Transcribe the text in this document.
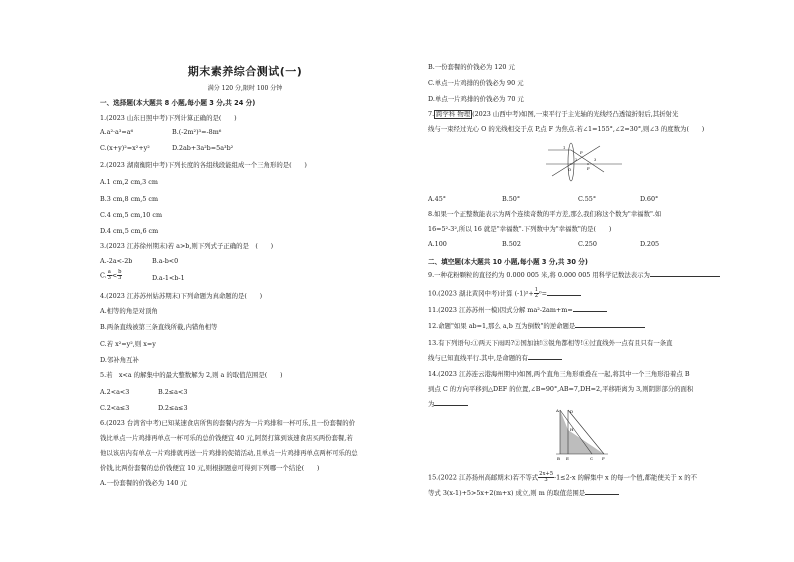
期末素养综合测试(一)
满分 120 分,限时 100 分钟
一、选择题(本大题共 8 小题,每小题 3 分,共 24 分)
1.(2023 山东日照中考)下列计算正确的是(　　)
A.a²·a³=a⁶	B.(-2m²)³=-8m⁶
C.(x+y)²=x²+y²	D.2ab+3a²b=5a³b²
2.(2023 湖南衡阳中考)下列长度的各组线段能组成一个三角形的是(　　)
A.1 cm,2 cm,3 cm
B.3 cm,8 cm,5 cm
C.4 cm,5 cm,10 cm
D.4 cm,5 cm,6 cm
3.(2023 江苏徐州期末)若 a>b,则下列式子正确的是　(　　)
A.-2a<-2b	B.a-b<0
C. $\frac{a}{3} < \frac{b}{3}$	D.a-1<b-1
4.(2023 江苏苏州姑苏期末)下列命题为真命题的是(　　)
A.相等的角是对顶角
B.两条直线被第三条直线所截,内错角相等
C.若 x²=y²,则 x=y
D.邻补角互补
5.若　x<a 的解集中的最大整数解为 2,则 a 的取值范围是(　　)
A.2<a<3	B.2≤a<3
C.2<a≤3	D.2≤a≤3
6.(2023 台湾省中考)已知某速食店所售的套餐内容为一片鸡排和一杯可乐,且一份套餐的价
钱比单点一片鸡排再单点一杯可乐的总价钱便宜 40 元,阿贤打算到该速食店买两份套餐,若
他以该店内有单点一片鸡排就再送一片鸡排的促销活动,且单点一片鸡排再单点两杯可乐的总
价钱,比两份套餐的总价钱便宜 10 元,则根据题意可得到下列哪一个结论(　　)
A.一份套餐的价钱必为 140 元
B.一份套餐的价钱必为 120 元
C.单点一片鸡排的价钱必为 90 元
D.单点一片鸡排的价钱必为 70 元
7. 跨学科 物理 (2023 山西中考)如图,一束平行于主光轴的光线经凸透镜折射后,其折射光
线与一束经过光心 O 的光线相交于点 P,点 F 为焦点.若∠1=155°,∠2=30°,则∠3 的度数为(　　)
O	F
P
1
2	3
A.45°	B.50°	C.55°	D.60°
8.如果一个正整数能表示为两个连续奇数的平方差,那么我们称这个数为"幸福数".如
16=5²-3²,所以 16 就是"幸福数".下列数中为"幸福数"的是(　　)
A.100	B.502	C.250	D.205
二、填空题(本大题共 10 小题,每小题 3 分,共 30 分)
9.一种花粉颗粒的直径约为 0.000 005 米,将 0.000 005 用科学记数法表示为
10.(2023 湖北黄冈中考)计算 $(-1)^2+ \frac{1}{2} ^0=$
11.(2023 江苏苏州一模)因式分解 ma²-2am+m=
12.命题"如果 ab=1,那么 a,b 互为倒数"的逆命题是
13.有下列语句:①两天下雨吗?②国加油!③锐角都相等!④过直线外一点有且只有一条直
线与已知直线平行.其中,是命题的有
14.(2023 江苏连云港海州期中)如图,两个直角三角形重叠在一起,将其中一个三角形沿着点 B
到点 C 的方向平移到△DEF 的位置,∠B=90°,AB=7,DH=2,平移距离为 3,则阴影部分的面积
为
A	D
H
B E	C F
15.(2022 江苏扬州高邮期末)若不等式 $\frac{2x+5}{3} -1\le 2-x$ 的解集中 x 的每一个值,都能使关于 x 的不
等式 3(x-1)+5>5x+2(m+x) 成立,则 m 的取值范围是
